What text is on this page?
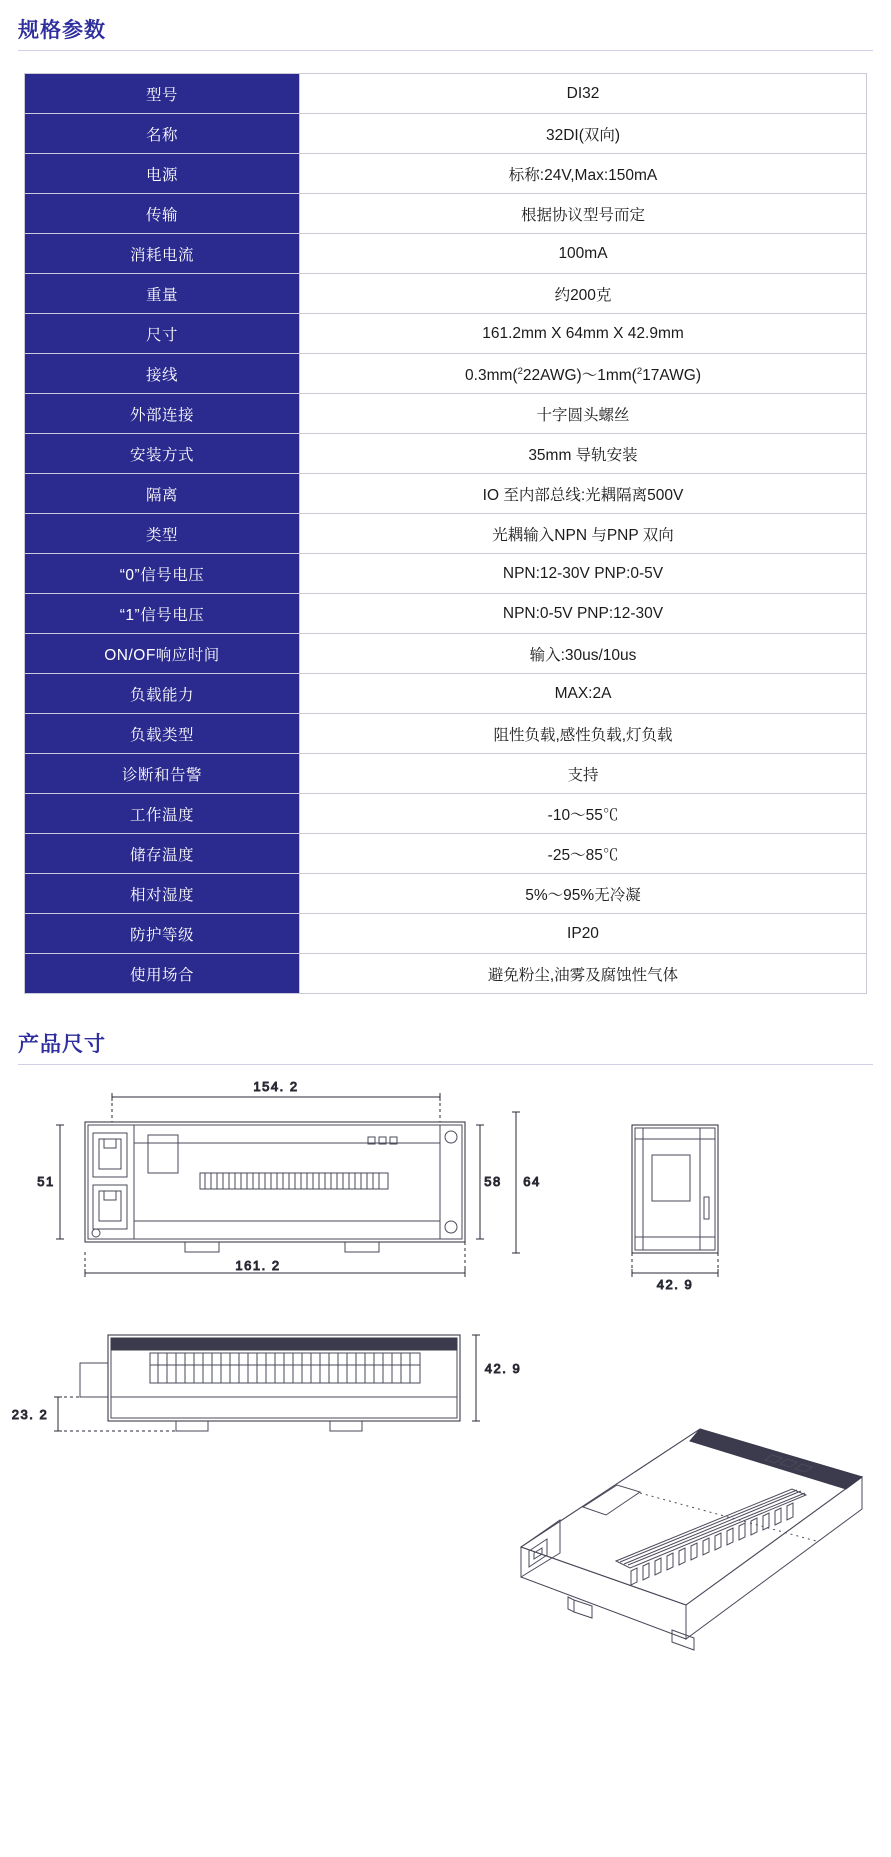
规格参数
型号	DI32
名称	32DI(双向)
电源	标称:24V,Max:150mA
传输	根据协议型号而定
消耗电流	100mA
重量	约200克
尺寸	161.2mm X 64mm X 42.9mm
接线	0.3mm($^2$22AWG)～1mm($^2$17AWG)
外部连接	十字圆头螺丝
安装方式	35mm 导轨安装
隔离	IO 至内部总线:光耦隔离500V
类型	光耦输入NPN 与PNP 双向
“0”信号电压	NPN:12-30V PNP:0-5V
“1”信号电压	NPN:0-5V PNP:12-30V
ON/OF响应时间	输入:30us/10us
负载能力	MAX:2A
负载类型	阻性负载,感性负载,灯负载
诊断和告警	支持
工作温度	-10～55℃
储存温度	-25～85℃
相对湿度	5%～95%无冷凝
防护等级	IP20
使用场合	避免粉尘,油雾及腐蚀性气体
产品尺寸
154. 2
161. 2
51	58 64
42. 9
42. 9
23. 2
